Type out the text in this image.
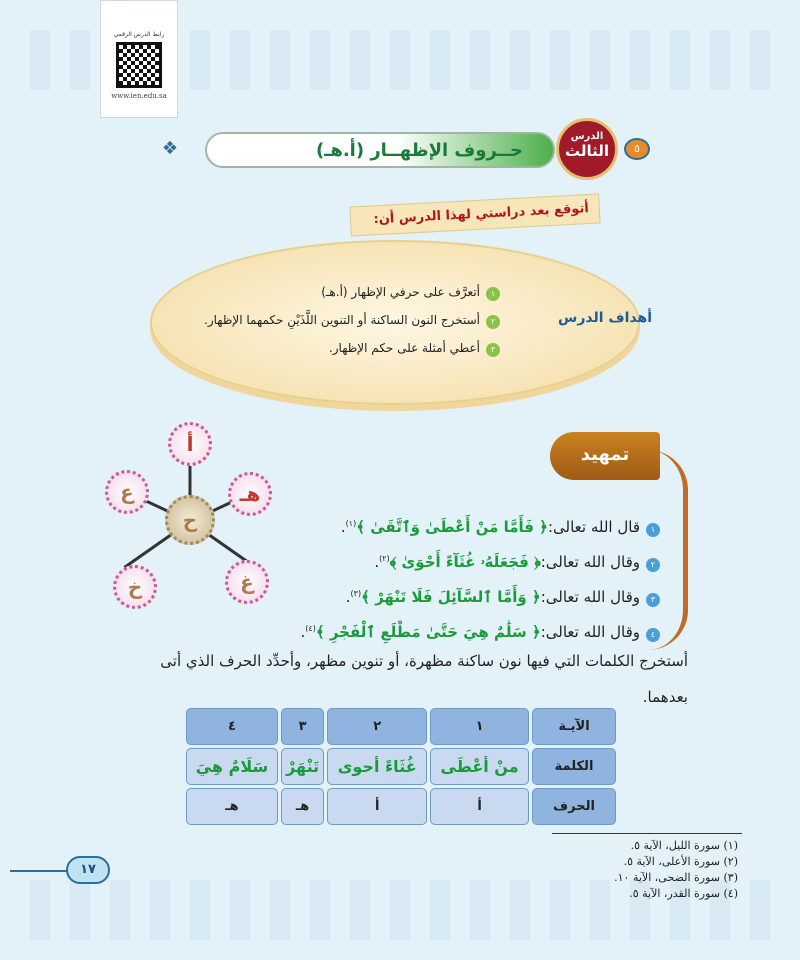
رابط الدرس الرقمي
www.ien.edu.sa
❖	حــروف الإظهــار (أ.هـ)
الدرس
الثالث	٥
أتوقع بعد دراستي لهذا الدرس أن:
أهداف الدرس
١أتعرَّف على حرفي الإظهار (أ.هـ)
٢أستخرج النون الساكنة أو التنوين اللَّذَيْنِ حكمهما الإظهار.
٣أعطي أمثلة على حكم الإظهار.
تمهيد
أ
هـ
غ
خ
ع
ح	١قال الله تعالى:﴿ فَأَمَّا مَنْ أَعْطَىٰ وَٱتَّقَىٰ ﴾$^{(١)}$.
٢وقال الله تعالى:﴿ فَجَعَلَهُۥ غُثَآءً أَحْوَىٰ ﴾$^{(٢)}$.
٣وقال الله تعالى:﴿ وَأَمَّا ٱلسَّآئِلَ فَلَا تَنْهَرْ ﴾$^{(٣)}$.
٤وقال الله تعالى:﴿ سَلَٰمٌ هِيَ حَتَّىٰ مَطْلَعِ ٱلْفَجْرِ ﴾$^{(٤)}$.
أستخرج الكلمات التي فيها نون ساكنة مظهرة، أو تنوين مظهر، وأحدِّد الحرف الذي أتى بعدهما.
الآيـة	١	٢	٣	٤
الكلمة	منْ أعْطَى	غُثَاءً أحوى	تَنْهَرْ	سَلَامٌ هِيَ
الحرف	أ	أ	هـ	هـ
(١) سورة الليل، الآية ٥.
(٢) سورة الأعلى، الآية ٥.
(٣) سورة الضحى، الآية ١٠.
(٤) سورة القدر، الآية ٥.
١٧
